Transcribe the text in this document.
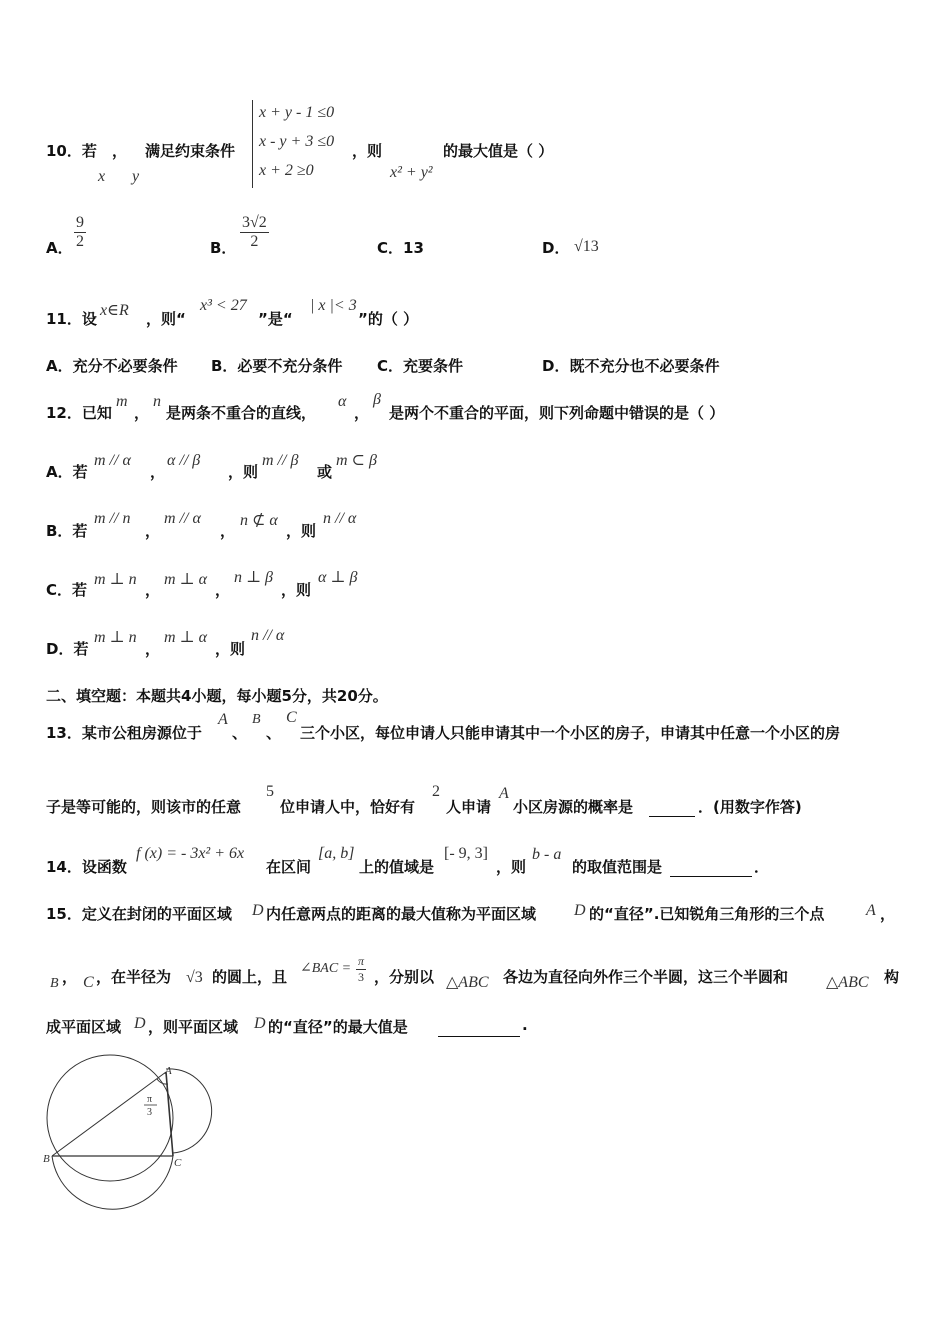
10．若 ，
x y
满足约束条件
x + y - 1 ≤0
x - y + 3 ≤0
x + 2 ≥0
，则
x² + y²
的最大值是（ ）
A． $\frac{9}{2}$	B． $\frac{3√2}{2}$	C．13	D． √13
11．设 x∈R ，则“
x³ < 27
”是“
| x |< 3
”的（ ）
A．充分不必要条件 B．必要不充分条件 C．充要条件	D．既不充分也不必要条件
12．已知
m
，
n
是两条不重合的直线，
α
，
β
是两个不重合的平面，则下列命题中错误的是（ ）
A．若
m // α
，
α // β
，则
m // β
或
m ⊂ β
B．若
m // n
，
m // α
，
n ⊄ α
，则
n // α
C．若
m ⊥ n
，
m ⊥ α
，
n ⊥ β
，则
α ⊥ β
D．若
m ⊥ n
，
m ⊥ α
，则
n // α
二、填空题：本题共4小题，每小题5分，共20分。
13．某市公租房源位于
A
、
B
、
C
三个小区，每位申请人只能申请其中一个小区的房子，申请其中任意一个小区的房
子是等可能的，则该市的任意
5
位申请人中，恰好有
2
人申请
A
小区房源的概率是	．(用数字作答)
14．设函数
f (x) = - 3x² + 6x
在区间
[a, b]
上的值域是
[- 9, 3]
，则
b - a
的取值范围是	．
15．定义在封闭的平面区域 D 内任意两点的距离的最大值称为平面区域 D 的“直径”.已知锐角三角形的三个点	A ，
B ， C ，在半径为 √3 的圆上，且 ∠BAC = $\frac{\pi}{3}$ ，分别以 △ABC 各边为直径向外作三个半圆，这三个半圆和 △ABC 构
成平面区域 D ，则平面区域 D 的“直径”的最大值是	.
A
B	C
π
3
